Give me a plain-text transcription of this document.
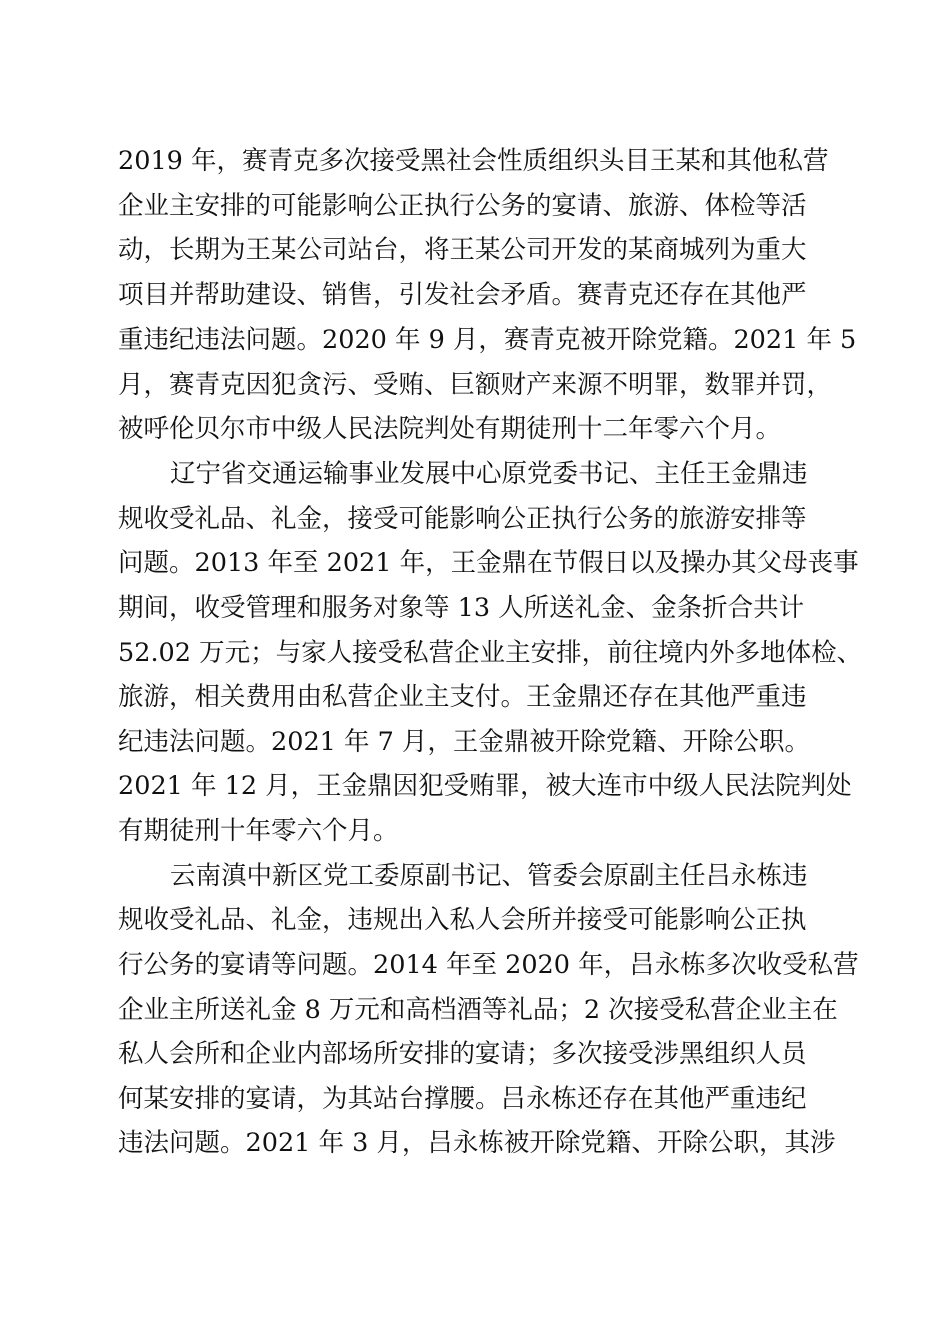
2019 年，赛青克多次接受黑社会性质组织头目王某和其他私营
企业主安排的可能影响公正执行公务的宴请、旅游、体检等活
动，长期为王某公司站台，将王某公司开发的某商城列为重大
项目并帮助建设、销售，引发社会矛盾。赛青克还存在其他严
重违纪违法问题。2020 年 9 月，赛青克被开除党籍。2021 年 5
月，赛青克因犯贪污、受贿、巨额财产来源不明罪，数罪并罚，
被呼伦贝尔市中级人民法院判处有期徒刑十二年零六个月。
辽宁省交通运输事业发展中心原党委书记、主任王金鼎违
规收受礼品、礼金，接受可能影响公正执行公务的旅游安排等
问题。2013 年至 2021 年，王金鼎在节假日以及操办其父母丧事
期间，收受管理和服务对象等 13 人所送礼金、金条折合共计
52.02 万元；与家人接受私营企业主安排，前往境内外多地体检、
旅游，相关费用由私营企业主支付。王金鼎还存在其他严重违
纪违法问题。2021 年 7 月，王金鼎被开除党籍、开除公职。
2021 年 12 月，王金鼎因犯受贿罪，被大连市中级人民法院判处
有期徒刑十年零六个月。
云南滇中新区党工委原副书记、管委会原副主任吕永栋违
规收受礼品、礼金，违规出入私人会所并接受可能影响公正执
行公务的宴请等问题。2014 年至 2020 年，吕永栋多次收受私营
企业主所送礼金 8 万元和高档酒等礼品；2 次接受私营企业主在
私人会所和企业内部场所安排的宴请；多次接受涉黑组织人员
何某安排的宴请，为其站台撑腰。吕永栋还存在其他严重违纪
违法问题。2021 年 3 月，吕永栋被开除党籍、开除公职，其涉
